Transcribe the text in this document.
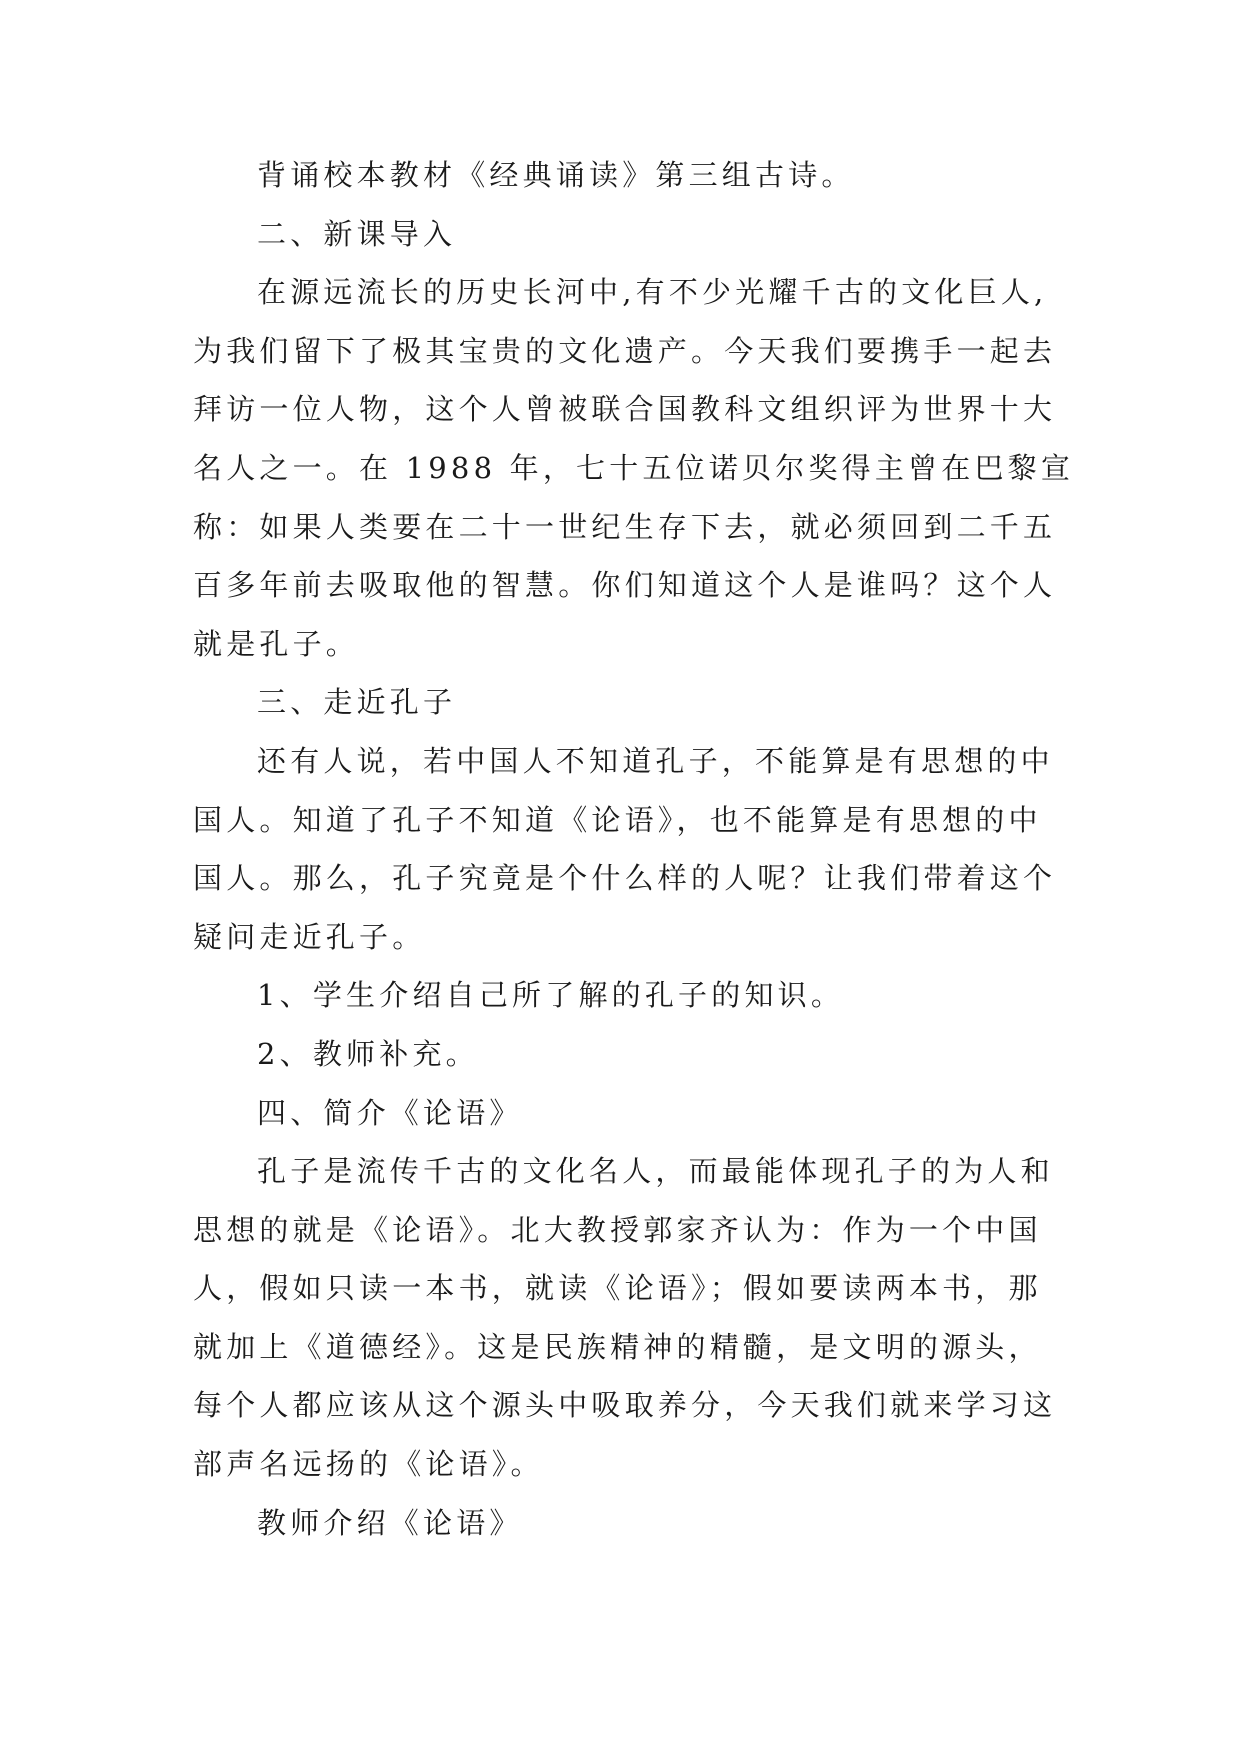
背诵校本教材《经典诵读》第三组古诗。
二、新课导入
在源远流长的历史长河中,有不少光耀千古的文化巨人,
为我们留下了极其宝贵的文化遗产。今天我们要携手一起去
拜访一位人物，这个人曾被联合国教科文组织评为世界十大
名人之一。在 1988 年，七十五位诺贝尔奖得主曾在巴黎宣
称：如果人类要在二十一世纪生存下去，就必须回到二千五
百多年前去吸取他的智慧。你们知道这个人是谁吗？这个人
就是孔子。
三、走近孔子
还有人说，若中国人不知道孔子，不能算是有思想的中
国人。知道了孔子不知道《论语》，也不能算是有思想的中
国人。那么，孔子究竟是个什么样的人呢？让我们带着这个
疑问走近孔子。
1、学生介绍自己所了解的孔子的知识。
2、教师补充。
四、简介《论语》
孔子是流传千古的文化名人，而最能体现孔子的为人和
思想的就是《论语》。北大教授郭家齐认为：作为一个中国
人，假如只读一本书，就读《论语》；假如要读两本书，那
就加上《道德经》。这是民族精神的精髓，是文明的源头，
每个人都应该从这个源头中吸取养分，今天我们就来学习这
部声名远扬的《论语》。
教师介绍《论语》
